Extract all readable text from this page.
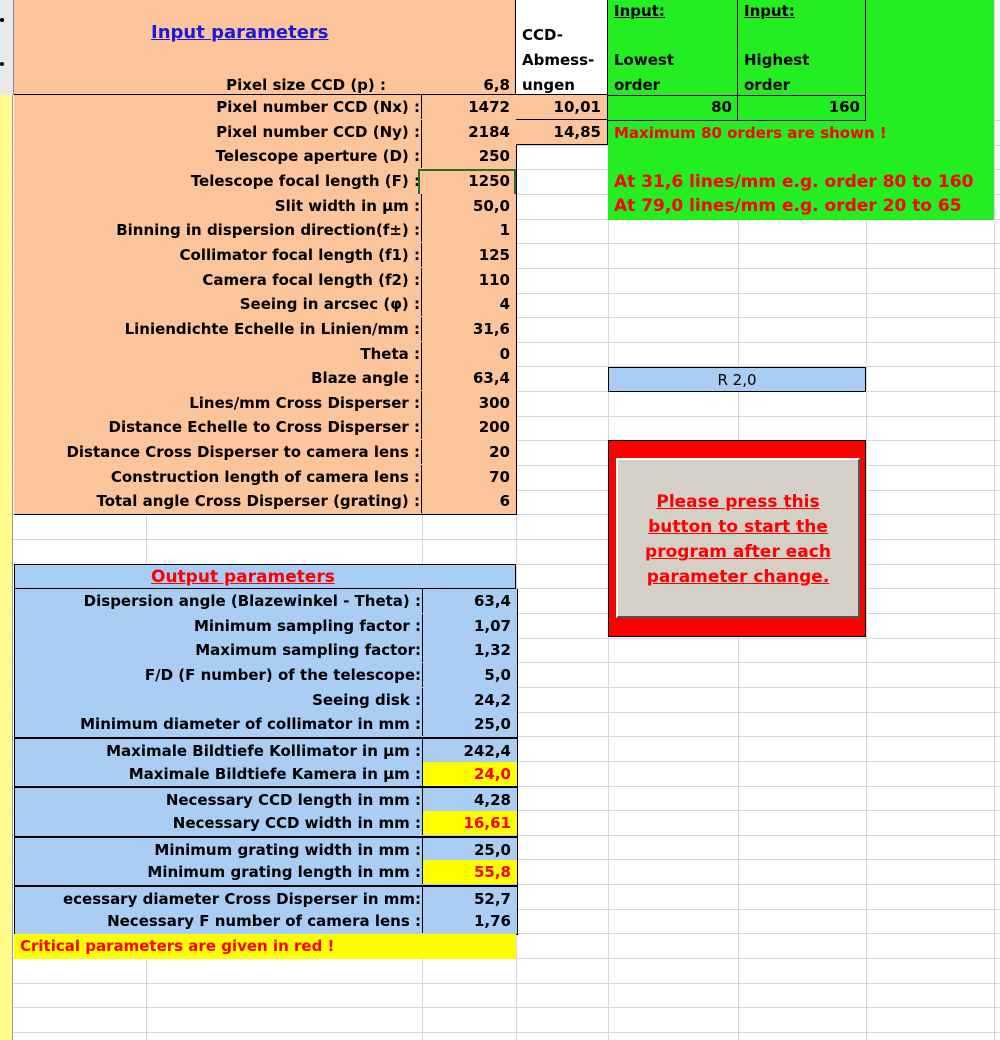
Input parameters
Pixel size CCD (p) :	6,8
Pixel number CCD (Nx) :	1472
Pixel number CCD (Ny) :	2184
Telescope aperture (D) :	250
Telescope focal length (F) :	1250
Slit width in µm :	50,0
Binning in dispersion direction(f±) :	1
Collimator focal length (f1) :	125
Camera focal length (f2) :	110
Seeing in arcsec (φ) :	4
Liniendichte Echelle in Linien/mm :	31,6
Theta :	0
Blaze angle :	63,4
Lines/mm Cross Disperser :	300
Distance Echelle to Cross Disperser :	200
Distance Cross Disperser to camera lens :	20
Construction length of camera lens :	70
Total angle Cross Disperser (grating) :	6
CCD-
Abmess-
ungen
10,01
14,85
Input:
Lowest
order
Input:
Highest
order
80	160
Maximum 80 orders are shown !
At 31,6 lines/mm e.g. order 80 to 160
At 79,0 lines/mm e.g. order 20 to 65
R 2,0
Please press this button to start the program after each parameter change.
Output parameters
Dispersion angle (Blazewinkel - Theta) :	63,4
Minimum sampling factor :	1,07
Maximum sampling factor:	1,32
F/D (F number) of the telescope:	5,0
Seeing disk :	24,2
Minimum diameter of collimator in mm :	25,0
Maximale Bildtiefe Kollimator in µm :	242,4
Maximale Bildtiefe Kamera in µm :	24,0
Necessary CCD length in mm :	4,28
Necessary CCD width in mm :	16,61
Minimum grating width in mm :	25,0
Minimum grating length in mm :	55,8
ecessary diameter Cross Disperser in mm:	52,7
Necessary F number of camera lens :	1,76
Critical parameters are given in red !
